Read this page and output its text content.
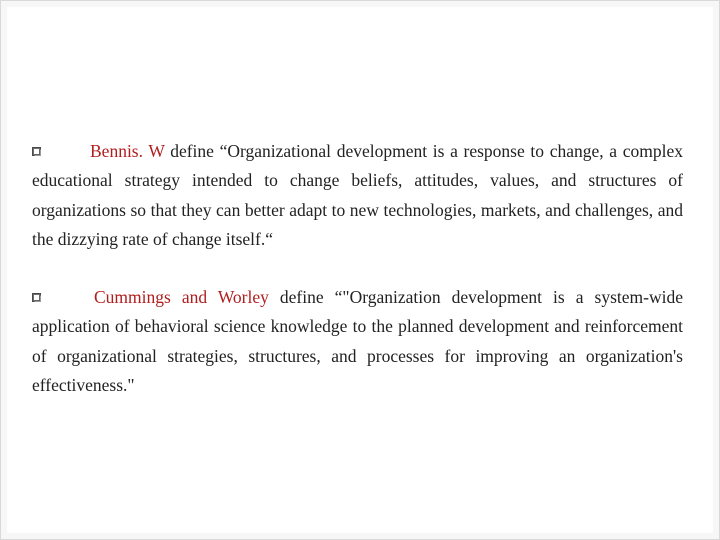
Bennis. W define “Organizational development is a response to change, a complex educational strategy intended to change beliefs, attitudes, values, and structures of organizations so that they can better adapt to new technologies, markets, and challenges, and the dizzying rate of change itself.“
Cummings and Worley define “"Organization development is a system-wide application of behavioral science knowledge to the planned development and reinforcement of organizational strategies, structures, and processes for improving an organization's effectiveness."
